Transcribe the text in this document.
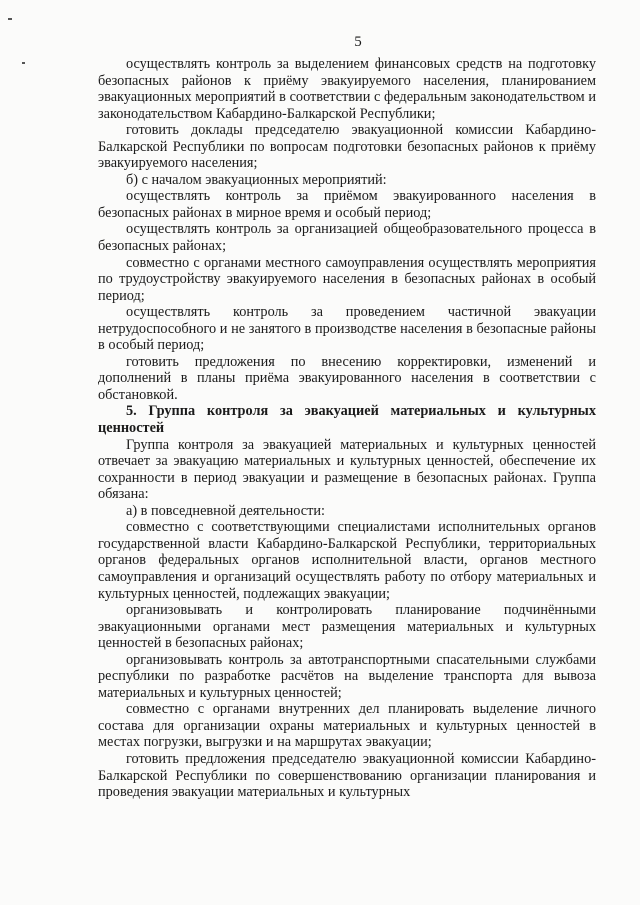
5

осуществлять контроль за выделением финансовых средств на подготовку безопасных районов к приёму эвакуируемого населения, планированием эвакуационных мероприятий в соответствии с федеральным законодательством и законодательством Кабардино-Балкарской Республики;

готовить доклады председателю эвакуационной комиссии Кабардино-Балкарской Республики по вопросам подготовки безопасных районов к приёму эвакуируемого населения;

б) с началом эвакуационных мероприятий:

осуществлять контроль за приёмом эвакуированного населения в безопасных районах в мирное время и особый период;

осуществлять контроль за организацией общеобразовательного процесса в безопасных районах;

совместно с органами местного самоуправления осуществлять мероприятия по трудоустройству эвакуируемого населения в безопасных районах в особый период;

осуществлять контроль за проведением частичной эвакуации нетрудоспособного и не занятого в производстве населения в безопасные районы в особый период;

готовить предложения по внесению корректировки, изменений и дополнений в планы приёма эвакуированного населения в соответствии с обстановкой.

5. Группа контроля за эвакуацией материальных и культурных ценностей

Группа контроля за эвакуацией материальных и культурных ценностей отвечает за эвакуацию материальных и культурных ценностей, обеспечение их сохранности в период эвакуации и размещение в безопасных районах. Группа обязана:

а) в повседневной деятельности:

совместно с соответствующими специалистами исполнительных органов государственной власти Кабардино-Балкарской Республики, территориальных органов федеральных органов исполнительной власти, органов местного самоуправления и организаций осуществлять работу по отбору материальных и культурных ценностей, подлежащих эвакуации;

организовывать и контролировать планирование подчинёнными эвакуационными органами мест размещения материальных и культурных ценностей в безопасных районах;

организовывать контроль за автотранспортными спасательными службами республики по разработке расчётов на выделение транспорта для вывоза материальных и культурных ценностей;

совместно с органами внутренних дел планировать выделение личного состава для организации охраны материальных и культурных ценностей в местах погрузки, выгрузки и на маршрутах эвакуации;

готовить предложения председателю эвакуационной комиссии Кабардино-Балкарской Республики по совершенствованию организации планирования и проведения эвакуации материальных и культурных
